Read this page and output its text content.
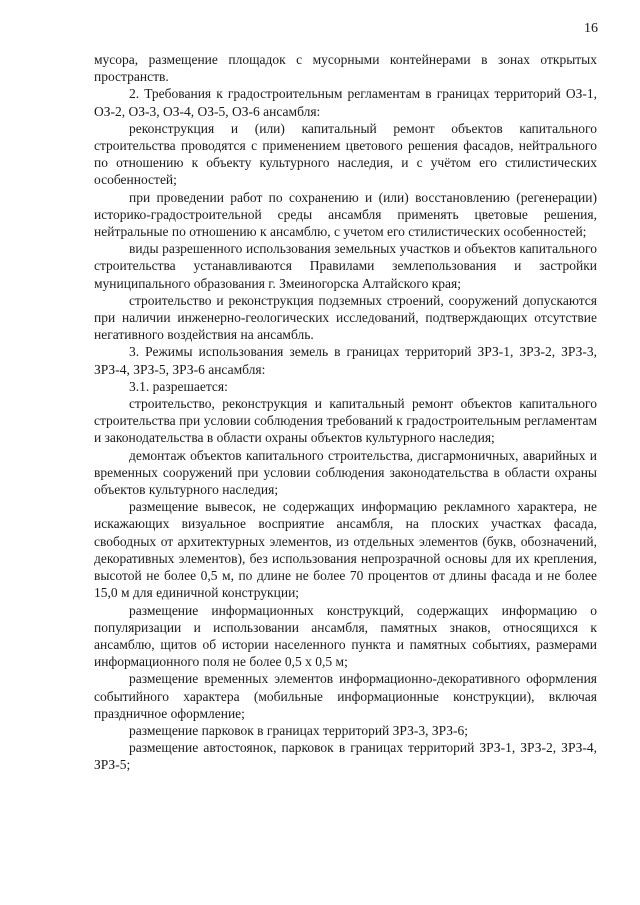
16

мусора, размещение площадок с мусорными контейнерами в зонах открытых пространств.

2. Требования к градостроительным регламентам в границах территорий ОЗ-1, ОЗ-2, ОЗ-3, ОЗ-4, ОЗ-5, ОЗ-6 ансамбля:

реконструкция и (или) капитальный ремонт объектов капитального строительства проводятся с применением цветового решения фасадов, нейтрального по отношению к объекту культурного наследия, и с учётом его стилистических особенностей;

при проведении работ по сохранению и (или) восстановлению (регенерации) историко-градостроительной среды ансамбля применять цветовые решения, нейтральные по отношению к ансамблю, с учетом его стилистических особенностей;

виды разрешенного использования земельных участков и объектов капитального строительства устанавливаются Правилами землепользования и застройки муниципального образования г. Змеиногорска Алтайского края;

строительство и реконструкция подземных строений, сооружений допускаются при наличии инженерно-геологических исследований, подтверждающих отсутствие негативного воздействия на ансамбль.

3. Режимы использования земель в границах территорий ЗРЗ-1, ЗРЗ-2, ЗРЗ-3, ЗРЗ-4, ЗРЗ-5, ЗРЗ-6 ансамбля:

3.1. разрешается:

строительство, реконструкция и капитальный ремонт объектов капитального строительства при условии соблюдения требований к градостроительным регламентам и законодательства в области охраны объектов культурного наследия;

демонтаж объектов капитального строительства, дисгармоничных, аварийных и временных сооружений при условии соблюдения законодательства в области охраны объектов культурного наследия;

размещение вывесок, не содержащих информацию рекламного характера, не искажающих визуальное восприятие ансамбля, на плоских участках фасада, свободных от архитектурных элементов, из отдельных элементов (букв, обозначений, декоративных элементов), без использования непрозрачной основы для их крепления, высотой не более 0,5 м, по длине не более 70 процентов от длины фасада и не более 15,0 м для единичной конструкции;

размещение информационных конструкций, содержащих информацию о популяризации и использовании ансамбля, памятных знаков, относящихся к ансамблю, щитов об истории населенного пункта и памятных событиях, размерами информационного поля не более 0,5 х 0,5 м;

размещение временных элементов информационно-декоративного оформления событийного характера (мобильные информационные конструкции), включая праздничное оформление;

размещение парковок в границах территорий ЗРЗ-3, ЗРЗ-6;

размещение автостоянок, парковок в границах территорий ЗРЗ-1, ЗРЗ-2, ЗРЗ-4, ЗРЗ-5;
